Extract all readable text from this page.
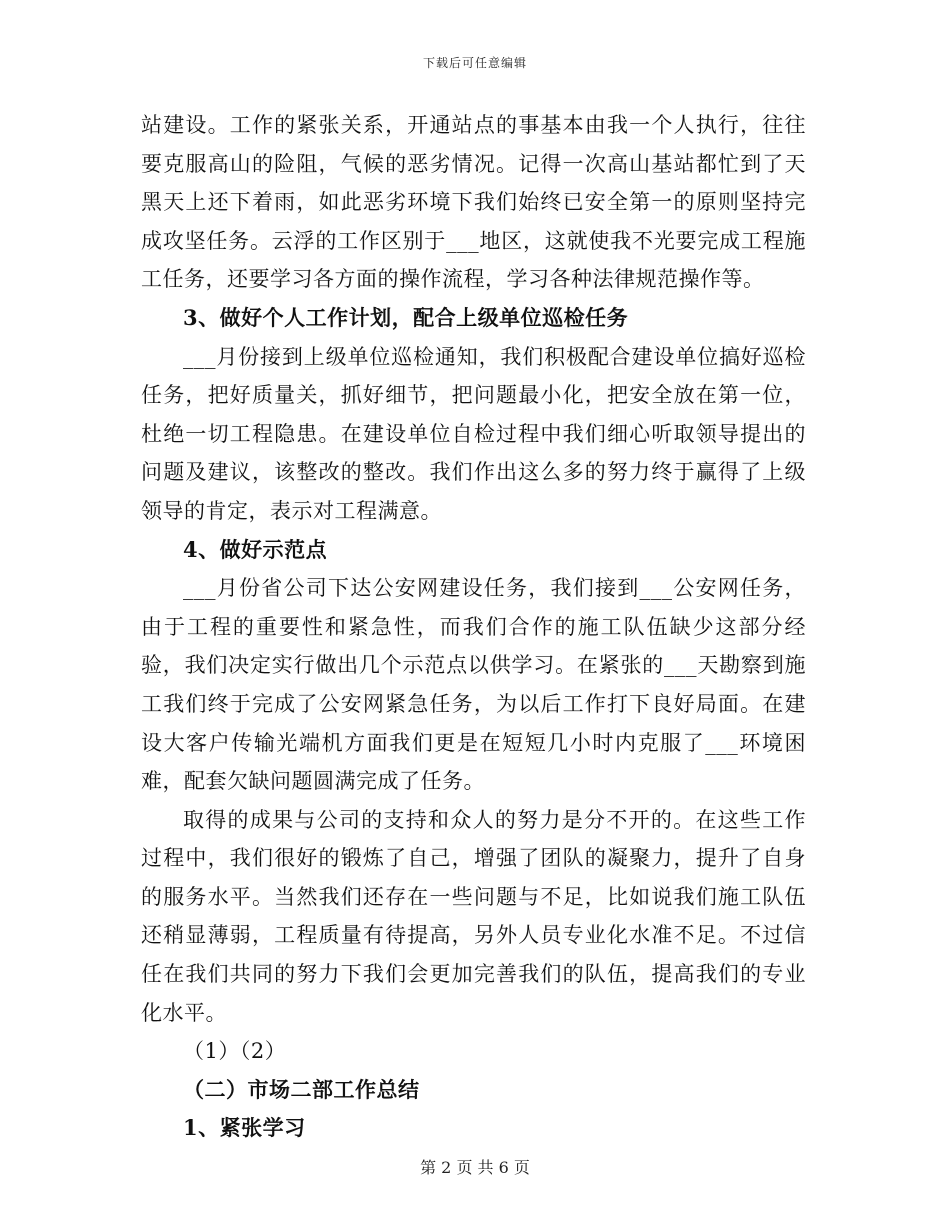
下载后可任意编辑

站建设。工作的紧张关系，开通站点的事基本由我一个人执行，往往要克服高山的险阻，气候的恶劣情况。记得一次高山基站都忙到了天黑天上还下着雨，如此恶劣环境下我们始终已安全第一的原则坚持完成攻坚任务。云浮的工作区别于___地区，这就使我不光要完成工程施工任务，还要学习各方面的操作流程，学习各种法律规范操作等。

3、做好个人工作计划，配合上级单位巡检任务

___月份接到上级单位巡检通知，我们积极配合建设单位搞好巡检任务，把好质量关，抓好细节，把问题最小化，把安全放在第一位，杜绝一切工程隐患。在建设单位自检过程中我们细心听取领导提出的问题及建议，该整改的整改。我们作出这么多的努力终于赢得了上级领导的肯定，表示对工程满意。

4、做好示范点

___月份省公司下达公安网建设任务，我们接到___公安网任务，由于工程的重要性和紧急性，而我们合作的施工队伍缺少这部分经验，我们决定实行做出几个示范点以供学习。在紧张的___天勘察到施工我们终于完成了公安网紧急任务，为以后工作打下良好局面。在建设大客户传输光端机方面我们更是在短短几小时内克服了___环境困难，配套欠缺问题圆满完成了任务。

取得的成果与公司的支持和众人的努力是分不开的。在这些工作过程中，我们很好的锻炼了自己，增强了团队的凝聚力，提升了自身的服务水平。当然我们还存在一些问题与不足，比如说我们施工队伍还稍显薄弱，工程质量有待提高，另外人员专业化水准不足。不过信任在我们共同的努力下我们会更加完善我们的队伍，提高我们的专业化水平。

（1）（2）

（二）市场二部工作总结

1、紧张学习

第 2 页 共 6 页
